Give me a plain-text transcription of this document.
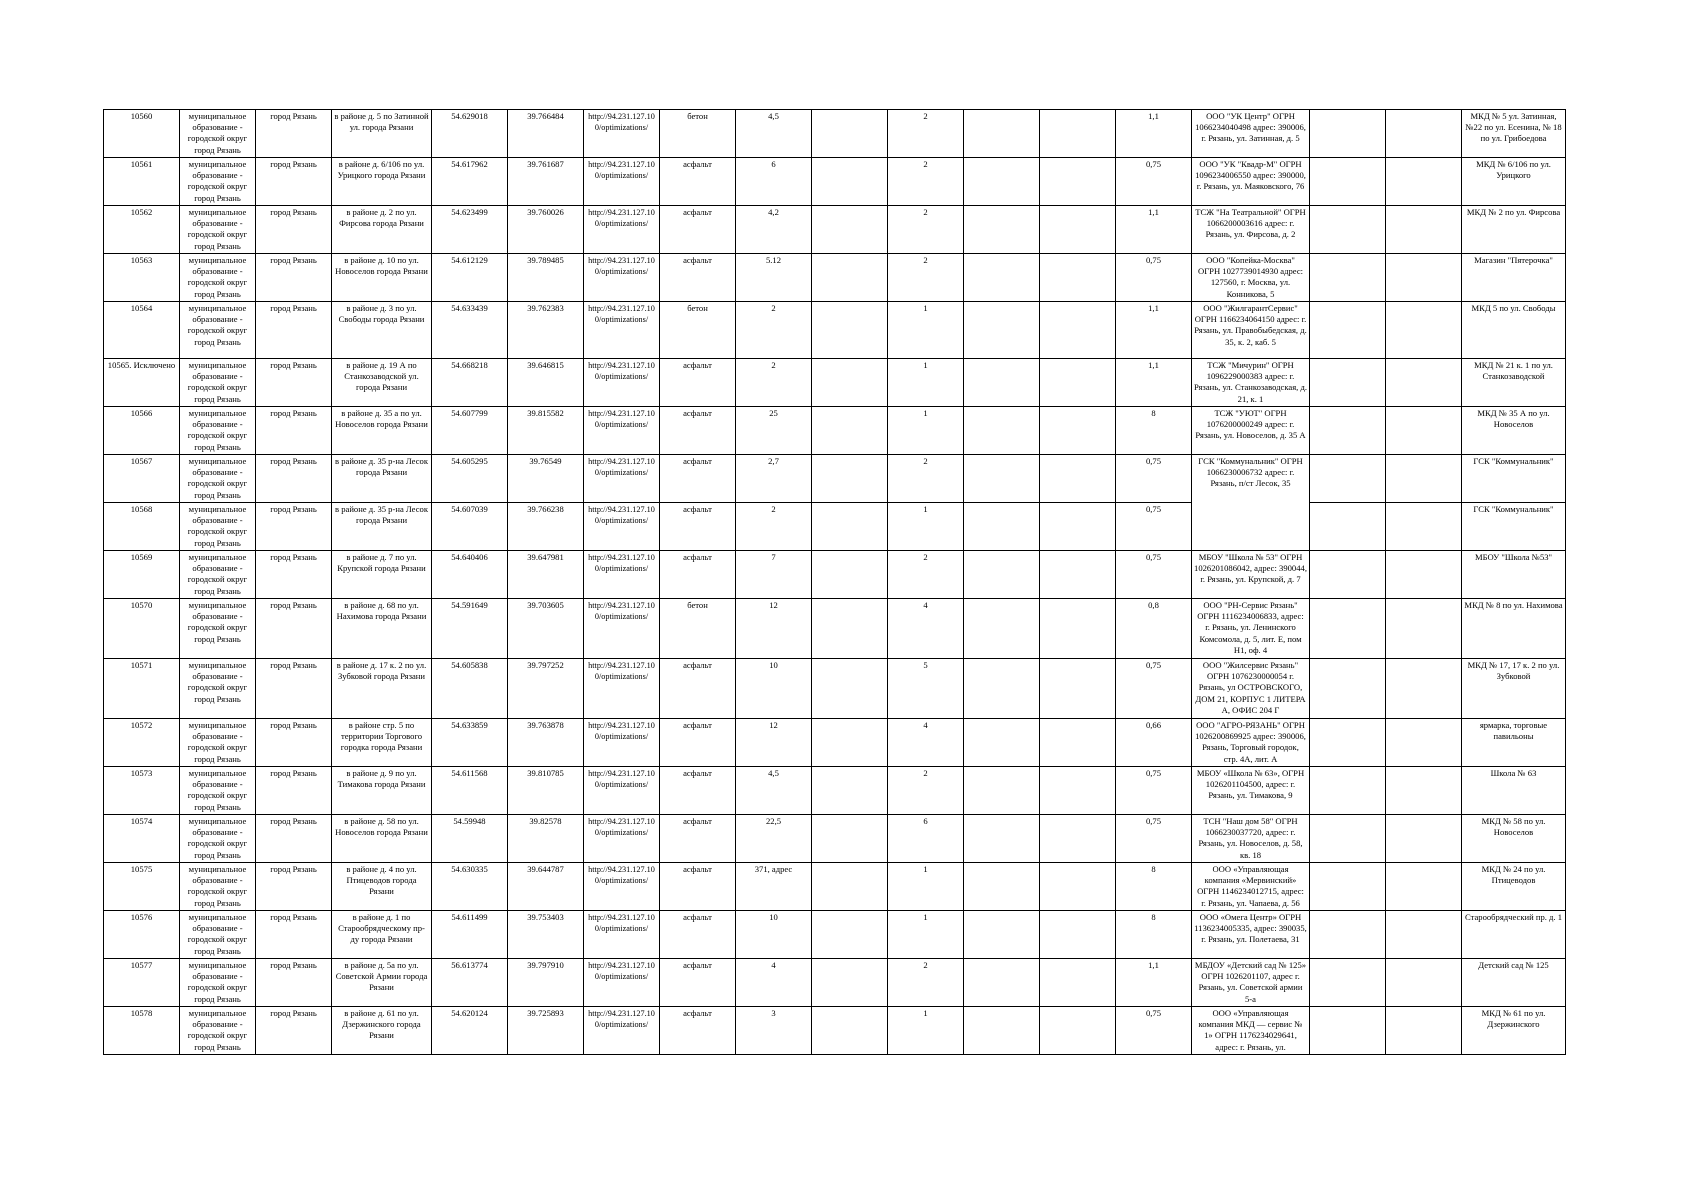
10560	муниципальное образование - городской округ город Рязань	город Рязань	в районе д. 5 по Затинной ул. города Рязани	54.629018	39.766484	http://94.231.127.10
0/optimizations/	бетон	4,5		2			1,1	ООО "УК Центр" ОГРН 1066234040498 адрес: 390006, г. Рязань, ул. Затинная, д. 5			МКД № 5 ул. Затинная, №22 по ул. Есенина, № 18 по ул. Грибоедова
10561	муниципальное образование - городской округ город Рязань	город Рязань	в районе д. 6/106 по ул. Урицкого города Рязани	54.617962	39.761687	http://94.231.127.10
0/optimizations/	асфальт	6		2			0,75	ООО "УК "Квадр-М" ОГРН 1096234006550 адрес: 390000, г. Рязань, ул. Маяковского, 76			МКД № 6/106 по ул. Урицкого
10562	муниципальное образование - городской округ город Рязань	город Рязань	в районе д. 2 по ул. Фирсова города Рязани	54.623499	39.760026	http://94.231.127.10
0/optimizations/	асфальт	4,2		2			1,1	ТСЖ "На Театральной" ОГРН 1066200003616 адрес: г. Рязань, ул. Фирсова, д. 2			МКД № 2 по ул. Фирсова
10563	муниципальное образование - городской округ город Рязань	город Рязань	в районе д. 10 по ул. Новоселов города Рязани	54.612129	39.789485	http://94.231.127.10
0/optimizations/	асфальт	5.12		2			0,75	ООО "Копейка-Москва" ОГРН 1027739014930 адрес: 127560, г. Москва, ул. Конникова, 5			Магазин "Пятерочка"
10564	муниципальное образование - городской округ город Рязань	город Рязань	в районе д. 3 по ул. Свободы города Рязани	54.633439	39.762383	http://94.231.127.10
0/optimizations/	бетон	2		1			1,1	ООО "ЖилгарантСервис" ОГРН 1166234064150 адрес: г. Рязань, ул. Правобыбедская, д. 35, к. 2, каб. 5			МКД 5 по ул. Свободы
10565. Исключено	муниципальное образование - городской округ город Рязань	город Рязань	в районе д. 19 А по Станкозаводской ул. города Рязани	54.668218	39.646815	http://94.231.127.10
0/optimizations/	асфальт	2		1			1,1	ТСЖ "Мичурин" ОГРН 1096229000383 адрес: г. Рязань, ул. Станкозаводская, д. 21, к. 1			МКД № 21 к. 1 по ул. Станкозаводской
10566	муниципальное образование - городской округ город Рязань	город Рязань	в районе д. 35 а по ул. Новоселов города Рязани	54.607799	39.815582	http://94.231.127.10
0/optimizations/	асфальт	25		1			8	ТСЖ "УЮТ" ОГРН 1076200000249 адрес: г. Рязань, ул. Новоселов, д. 35 А			МКД № 35 А по ул. Новоселов
10567	муниципальное образование - городской округ город Рязань	город Рязань	в районе д. 35 р-на Лесок города Рязани	54.605295	39.76549	http://94.231.127.10
0/optimizations/	асфальт	2,7		2			0,75	ГСК "Коммунальник" ОГРН 1066230006732 адрес: г. Рязань, п/ст Лесок, 35			ГСК "Коммунальник"
10568	муниципальное образование - городской округ город Рязань	город Рязань	в районе д. 35 р-на Лесок города Рязани	54.607039	39.766238	http://94.231.127.10
0/optimizations/	асфальт	2		1			0,75				ГСК "Коммунальник"
10569	муниципальное образование - городской округ город Рязань	город Рязань	в районе д. 7 по ул. Крупской города Рязани	54.640406	39.647981	http://94.231.127.10
0/optimizations/	асфальт	7		2			0,75	МБОУ "Школа № 53" ОГРН 1026201086042, адрес: 390044, г. Рязань, ул. Крупской, д. 7			МБОУ "Школа №53"
10570	муниципальное образование - городской округ город Рязань	город Рязань	в районе д. 68 по ул. Нахимова города Рязани	54.591649	39.703605	http://94.231.127.10
0/optimizations/	бетон	12		4			0,8	ООО "РН-Сервис Рязань" ОГРН 1116234006833, адрес: г. Рязань, ул. Ленинского Комсомола, д. 5, лит. Е, пом Н1, оф. 4			МКД № 8 по ул. Нахимова
10571	муниципальное образование - городской округ город Рязань	город Рязань	в районе д. 17 к. 2 по ул. Зубковой города Рязани	54.605838	39.797252	http://94.231.127.10
0/optimizations/	асфальт	10		5			0,75	ООО "Жилсервис Рязань" ОГРН 1076230000054 г. Рязань, ул ОСТРОВСКОГО, ДОМ 21, КОРПУС 1 ЛИТЕРА А, ОФИС 204 Г			МКД № 17, 17 к. 2 по ул. Зубковой
10572	муниципальное образование - городской округ город Рязань	город Рязань	в районе стр. 5 по территории Торгового городка города Рязани	54.633859	39.763878	http://94.231.127.10
0/optimizations/	асфальт	12		4			0,66	ООО "АГРО-РЯЗАНЬ" ОГРН 1026200869925 адрес: 390006, Рязань, Торговый городок, стр. 4А, лит. А			ярмарка, торговые павильоны
10573	муниципальное образование - городской округ город Рязань	город Рязань	в районе д. 9 по ул. Тимакова города Рязани	54.611568	39.810785	http://94.231.127.10
0/optimizations/	асфальт	4,5		2			0,75	МБОУ «Школа № 63», ОГРН 1026201104500, адрес: г. Рязань, ул. Тимакова, 9			Школа № 63
10574	муниципальное образование - городской округ город Рязань	город Рязань	в районе д. 58 по ул. Новоселов города Рязани	54.59948	39.82578	http://94.231.127.10
0/optimizations/	асфальт	22,5		6			0,75	ТСН "Наш дом 58" ОГРН 1066230037720, адрес: г. Рязань, ул. Новоселов, д. 58, кв. 18			МКД № 58 по ул. Новоселов
10575	муниципальное образование - городской округ город Рязань	город Рязань	в районе д. 4 по ул. Птицеводов города Рязани	54.630335	39.644787	http://94.231.127.10
0/optimizations/	асфальт	371, адрес		1			8	ООО «Управляющая компания «Мервинский» ОГРН 1146234012715, адрес: г. Рязань, ул. Чапаева, д. 56			МКД № 24 по ул. Птицеводов
10576	муниципальное образование - городской округ город Рязань	город Рязань	в районе д. 1 по Старообрядческому пр-ду города Рязани	54.611499	39.753403	http://94.231.127.10
0/optimizations/	асфальт	10		1			8	ООО «Омега Центр» ОГРН 1136234005335, адрес: 390035, г. Рязань, ул. Полетаева, 31			Старообрядческий пр. д. 1
10577	муниципальное образование - городской округ город Рязань	город Рязань	в районе д. 5а по ул. Советской Армии города Рязани	56.613774	39.797910	http://94.231.127.10
0/optimizations/	асфальт	4		2			1,1	МБДОУ «Детский сад № 125» ОГРН 1026201107, адрес г. Рязань, ул. Советской армии 5-а			Детский сад № 125
10578	муниципальное образование - городской округ город Рязань	город Рязань	в районе д. 61 по ул. Дзержинского города Рязани	54.620124	39.725893	http://94.231.127.10
0/optimizations/	асфальт	3		1			0,75	ООО «Управляющая компания МКД — сервис № 1» ОГРН 1176234029641, адрес: г. Рязань, ул.			МКД № 61 по ул. Дзержинского
